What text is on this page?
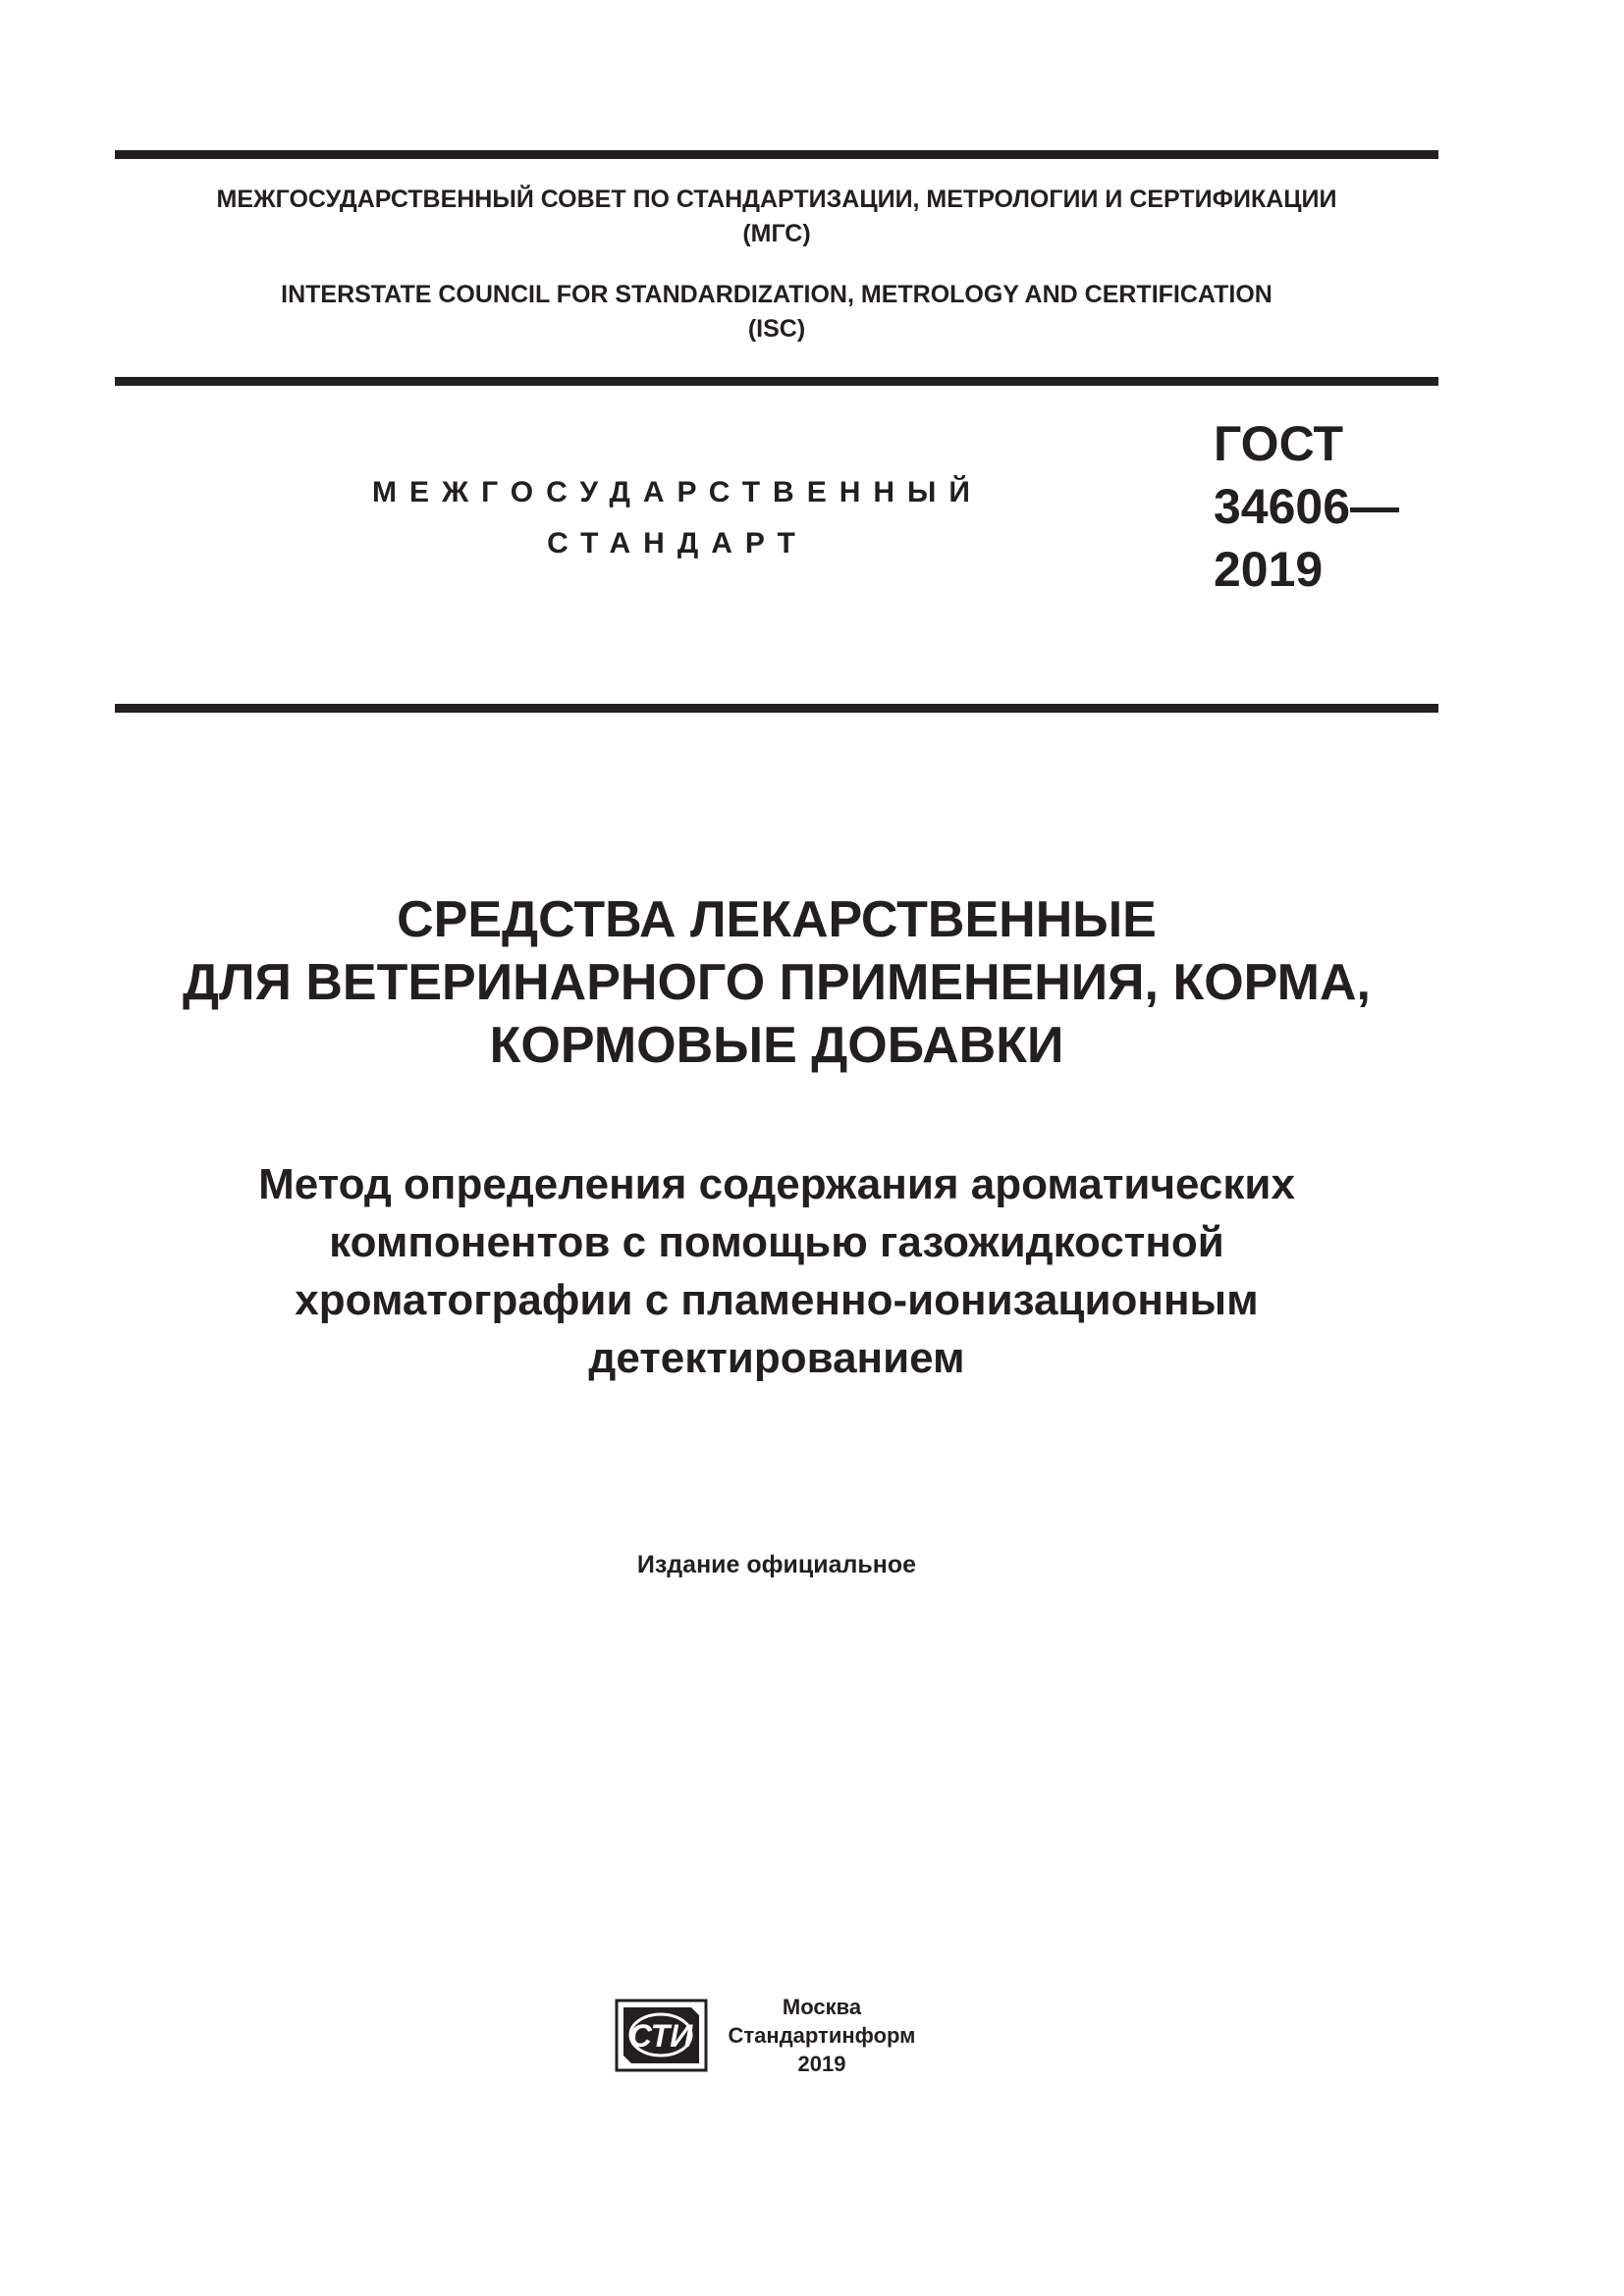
МЕЖГОСУДАРСТВЕННЫЙ СОВЕТ ПО СТАНДАРТИЗАЦИИ, МЕТРОЛОГИИ И СЕРТИФИКАЦИИ
(МГС)
INTERSTATE COUNCIL FOR STANDARDIZATION, METROLOGY AND CERTIFICATION
(ISC)
МЕЖГОСУДАРСТВЕННЫЙ
СТАНДАРТ
ГОСТ
34606—
2019
СРЕДСТВА ЛЕКАРСТВЕННЫЕ
ДЛЯ ВЕТЕРИНАРНОГО ПРИМЕНЕНИЯ, КОРМА,
КОРМОВЫЕ ДОБАВКИ
Метод определения содержания ароматических
компонентов с помощью газожидкостной
хроматографии с пламенно-ионизационным
детектированием
Издание официальное
СТИ
Москва
Стандартинформ
2019
